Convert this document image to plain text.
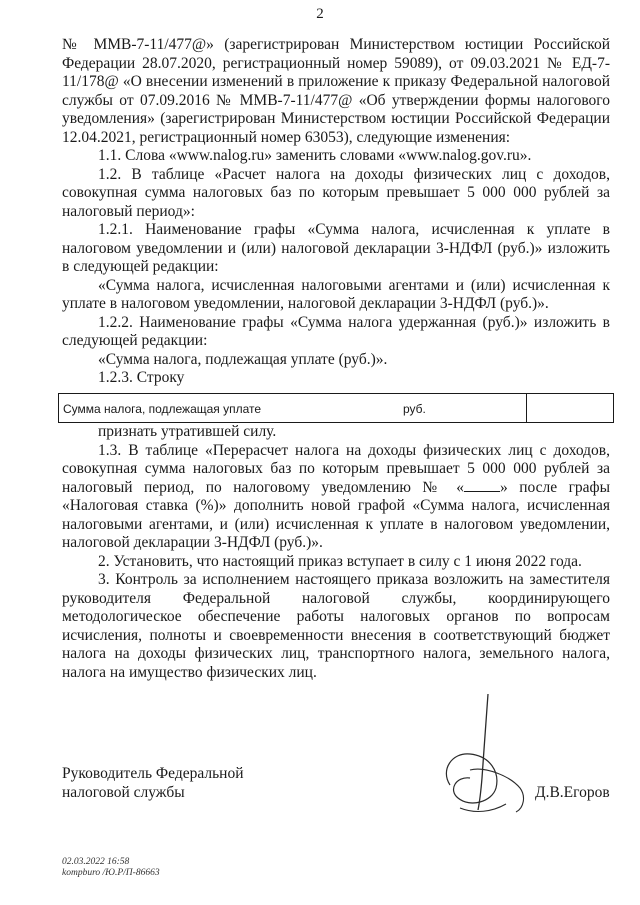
2

№ ММВ-7-11/477@» (зарегистрирован Министерством юстиции Российской Федерации 28.07.2020, регистрационный номер 59089), от 09.03.2021 № ЕД-7-11/178@ «О внесении изменений в приложение к приказу Федеральной налоговой службы от 07.09.2016 № ММВ-7-11/477@ «Об утверждении формы налогового уведомления» (зарегистрирован Министерством юстиции Российской Федерации 12.04.2021, регистрационный номер 63053), следующие изменения:

1.1. Слова «www.nalog.ru» заменить словами «www.nalog.gov.ru».

1.2. В таблице «Расчет налога на доходы физических лиц с доходов, совокупная сумма налоговых баз по которым превышает 5 000 000 рублей за налоговый период»:

1.2.1. Наименование графы «Сумма налога, исчисленная к уплате в налоговом уведомлении и (или) налоговой декларации 3-НДФЛ (руб.)» изложить в следующей редакции:

«Сумма налога, исчисленная налоговыми агентами и (или) исчисленная к уплате в налоговом уведомлении, налоговой декларации 3-НДФЛ (руб.)».

1.2.2. Наименование графы «Сумма налога удержанная (руб.)» изложить в следующей редакции:

«Сумма налога, подлежащая уплате (руб.)».

1.2.3. Строку

Сумма налога, подлежащая уплате	руб.

признать утратившей силу.

1.3. В таблице «Перерасчет налога на доходы физических лиц с доходов, совокупная сумма налоговых баз по которым превышает 5 000 000 рублей за налоговый период, по налоговому уведомлению № « » после графы «Налоговая ставка (%)» дополнить новой графой «Сумма налога, исчисленная налоговыми агентами, и (или) исчисленная к уплате в налоговом уведомлении, налоговой декларации 3-НДФЛ (руб.)».

2. Установить, что настоящий приказ вступает в силу с 1 июня 2022 года.

3. Контроль за исполнением настоящего приказа возложить на заместителя руководителя Федеральной налоговой службы, координирующего методологическое обеспечение работы налоговых органов по вопросам исчисления, полноты и своевременности внесения в соответствующий бюджет налога на доходы физических лиц, транспортного налога, земельного налога, налога на имущество физических лиц.

Руководитель Федеральной
налоговой службы	Д.В.Егоров
02.03.2022 16:58
kompburo /Ю.Р/П-86663
